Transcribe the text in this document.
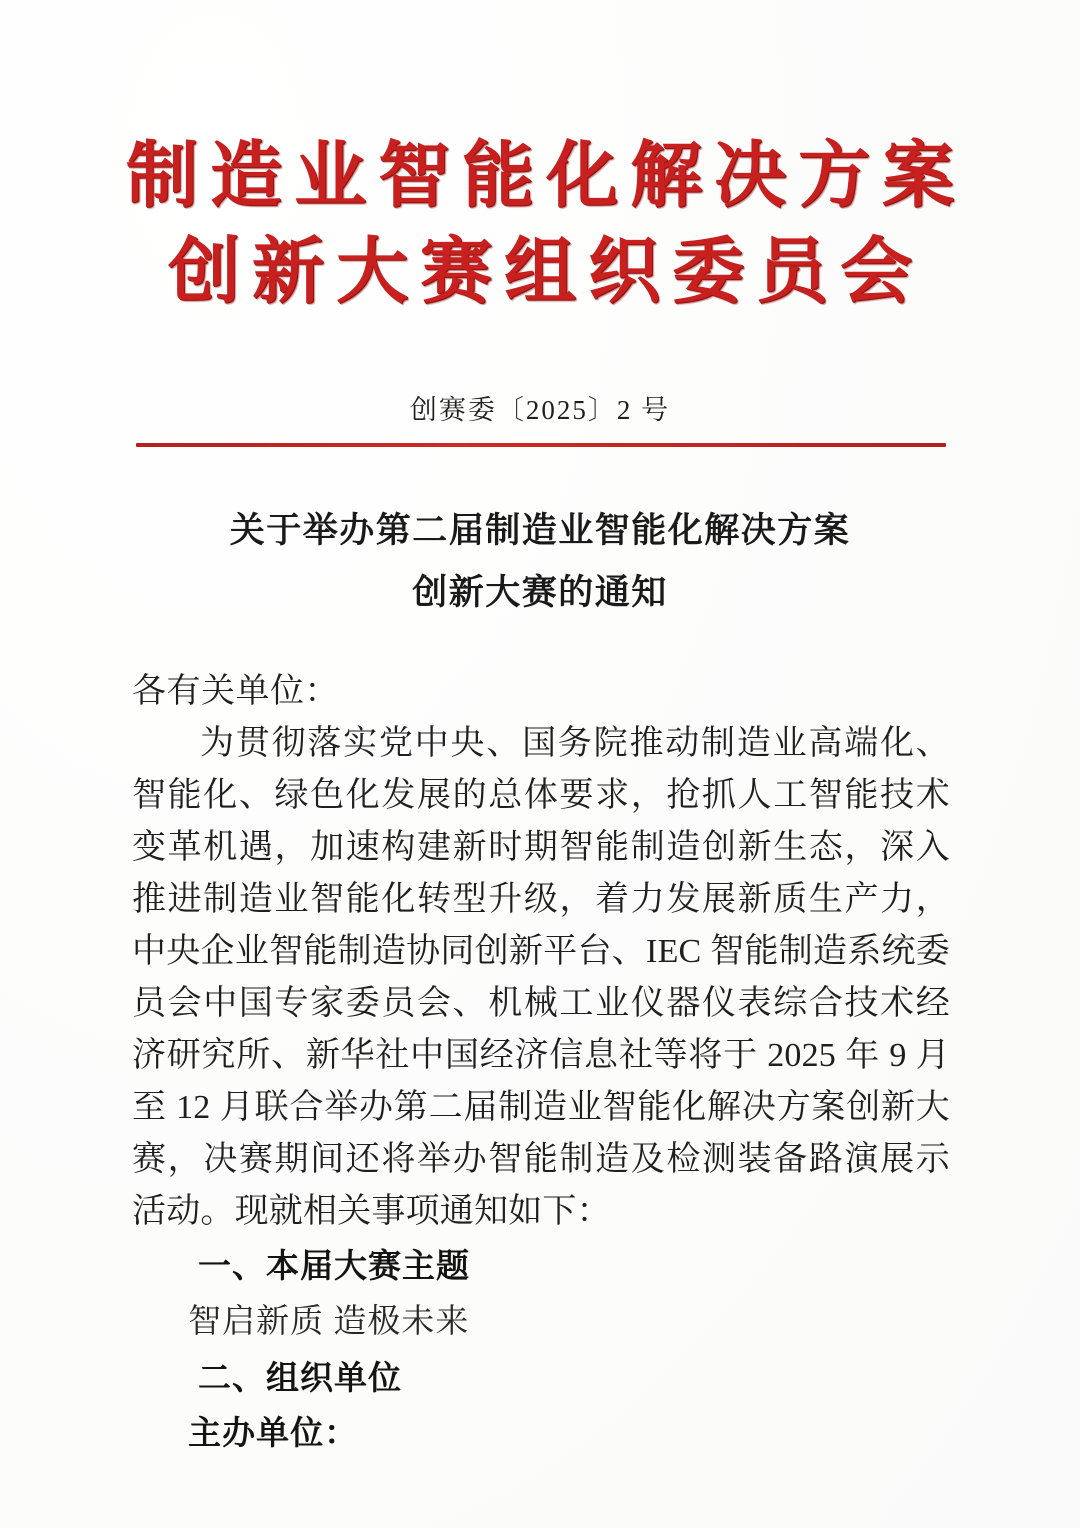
制造业智能化解决方案
创新大赛组织委员会
创赛委〔2025〕2 号
关于举办第二届制造业智能化解决方案
创新大赛的通知
各有关单位：

为贯彻落实党中央、国务院推动制造业高端化、智能化、绿色化发展的总体要求，抢抓人工智能技术变革机遇，加速构建新时期智能制造创新生态，深入推进制造业智能化转型升级，着力发展新质生产力，中央企业智能制造协同创新平台、IEC 智能制造系统委员会中国专家委员会、机械工业仪器仪表综合技术经济研究所、新华社中国经济信息社等将于 2025 年 9 月至 12 月联合举办第二届制造业智能化解决方案创新大赛，决赛期间还将举办智能制造及检测装备路演展示活动。现就相关事项通知如下：

一、本届大赛主题

智启新质 造极未来

二、组织单位

主办单位：
